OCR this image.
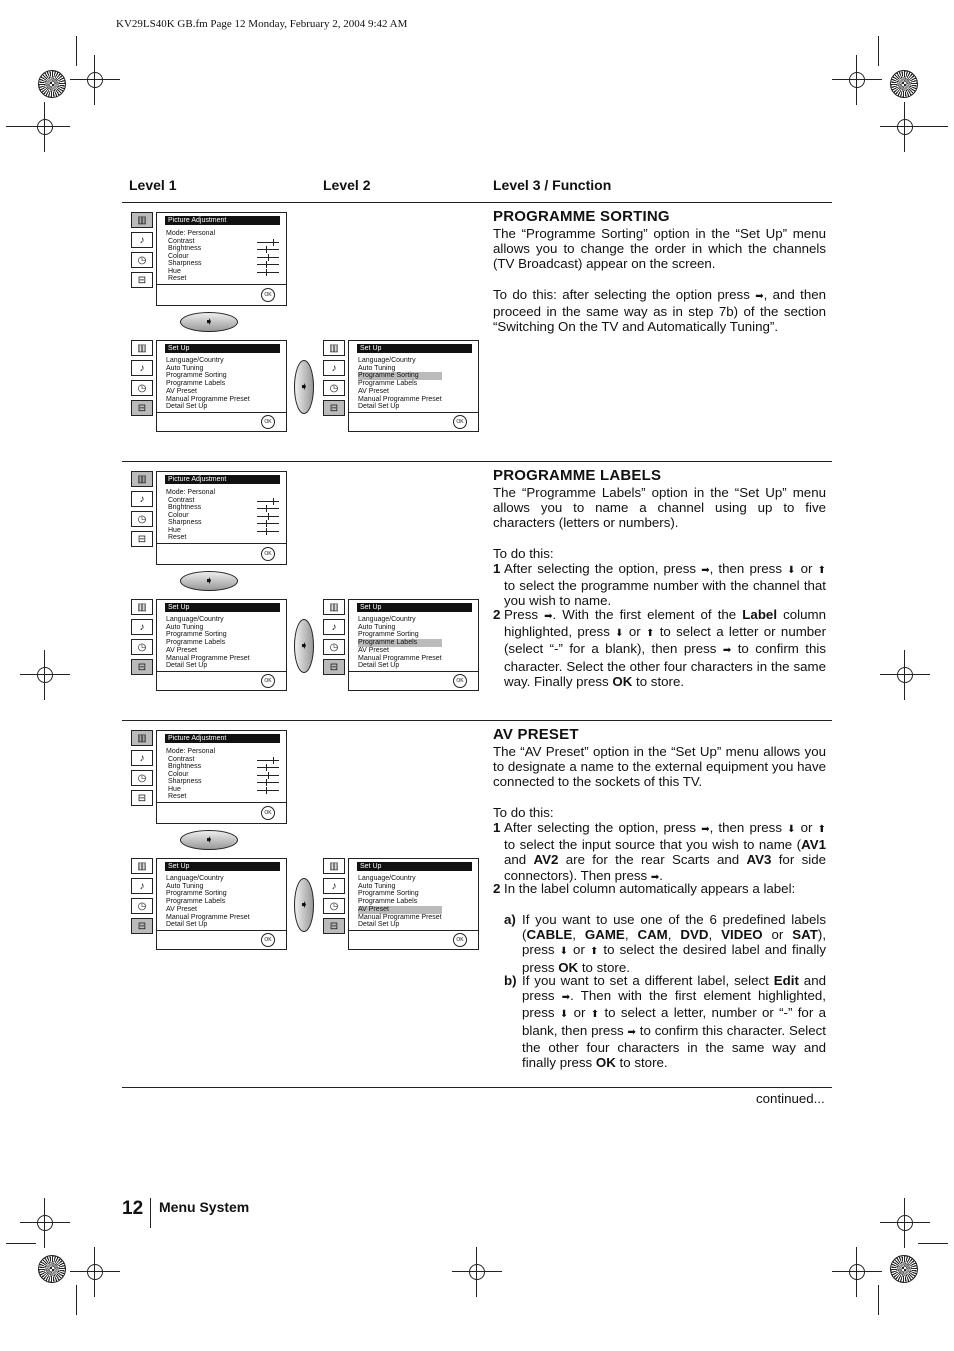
KV29LS40K GB.fm Page 12 Monday, February 2, 2004 9:42 AM
Level 1	Level 2	Level 3 / Function
▥
♪
◷
⊟
Picture Adjustment
Mode: Personal
Contrast
Brightness
Colour
Sharpness
Hue
Reset
OK
➧
▥
♪
◷
⊟
Set Up
Language/Country
Auto Tuning
Programme Sorting
Programme Labels
AV Preset
Manual Programme Preset
Detail Set Up
OK
➧
▥
♪
◷
⊟
Set Up
Language/Country
Auto Tuning
Programme Sorting
Programme Labels
AV Preset
Manual Programme Preset
Detail Set Up
OK
▥
♪
◷
⊟
Picture Adjustment
Mode: Personal
Contrast
Brightness
Colour
Sharpness
Hue
Reset
OK
➧
▥
♪
◷
⊟
Set Up
Language/Country
Auto Tuning
Programme Sorting
Programme Labels
AV Preset
Manual Programme Preset
Detail Set Up
OK
➧
▥
♪
◷
⊟
Set Up
Language/Country
Auto Tuning
Programme Sorting
Programme Labels
AV Preset
Manual Programme Preset
Detail Set Up
OK
▥
♪
◷
⊟
Picture Adjustment
Mode: Personal
Contrast
Brightness
Colour
Sharpness
Hue
Reset
OK
➧
▥
♪
◷
⊟
Set Up
Language/Country
Auto Tuning
Programme Sorting
Programme Labels
AV Preset
Manual Programme Preset
Detail Set Up
OK
➧
▥
♪
◷
⊟
Set Up
Language/Country
Auto Tuning
Programme Sorting
Programme Labels
AV Preset
Manual Programme Preset
Detail Set Up
OK
PROGRAMME SORTING
The “Programme Sorting” option in the “Set Up” menu allows you to change the order in which the channels (TV Broadcast) appear on the screen.
To do this: after selecting the option press ➡, and then proceed in the same way as in step 7b) of the section “Switching On the TV and Automatically Tuning”.
PROGRAMME LABELS
The “Programme Labels” option in the “Set Up” menu allows you to name a channel using up to five characters (letters or numbers).
To do this:
1 After selecting the option, press ➡, then press ⬇ or ⬆ to select the programme number with the channel that you wish to name.
2 Press ➡. With the first element of the Label column highlighted, press ⬇ or ⬆ to select a letter or number (select “-” for a blank), then press ➡ to confirm this character. Select the other four characters in the same way. Finally press OK to store.
AV PRESET
The “AV Preset” option in the “Set Up” menu allows you to designate a name to the external equipment you have connected to the sockets of this TV.
To do this:
1 After selecting the option, press ➡, then press ⬇ or ⬆ to select the input source that you wish to name (AV1 and AV2 are for the rear Scarts and AV3 for side connectors). Then press ➡.
2 In the label column automatically appears a label:
a) If you want to use one of the 6 predefined labels (CABLE, GAME, CAM, DVD, VIDEO or SAT), press ⬇ or ⬆ to select the desired label and finally press OK to store.
b) If you want to set a different label, select Edit and press ➡. Then with the first element highlighted, press ⬇ or ⬆ to select a letter, number or “-” for a blank, then press ➡ to confirm this character. Select the other four characters in the same way and finally press OK to store.
continued...
12 Menu System
